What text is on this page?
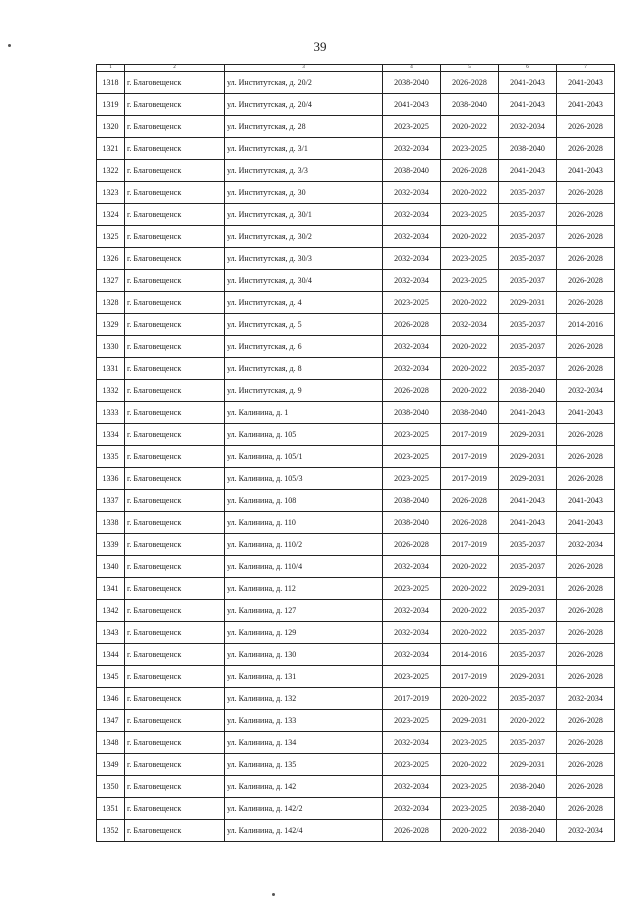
39
1	2	3	4	5	6	7
1318	г. Благовещенск	ул. Институтская, д. 20/2	2038-2040	2026-2028	2041-2043	2041-2043
1319	г. Благовещенск	ул. Институтская, д. 20/4	2041-2043	2038-2040	2041-2043	2041-2043
1320	г. Благовещенск	ул. Институтская, д. 28	2023-2025	2020-2022	2032-2034	2026-2028
1321	г. Благовещенск	ул. Институтская, д. 3/1	2032-2034	2023-2025	2038-2040	2026-2028
1322	г. Благовещенск	ул. Институтская, д. 3/3	2038-2040	2026-2028	2041-2043	2041-2043
1323	г. Благовещенск	ул. Институтская, д. 30	2032-2034	2020-2022	2035-2037	2026-2028
1324	г. Благовещенск	ул. Институтская, д. 30/1	2032-2034	2023-2025	2035-2037	2026-2028
1325	г. Благовещенск	ул. Институтская, д. 30/2	2032-2034	2020-2022	2035-2037	2026-2028
1326	г. Благовещенск	ул. Институтская, д. 30/3	2032-2034	2023-2025	2035-2037	2026-2028
1327	г. Благовещенск	ул. Институтская, д. 30/4	2032-2034	2023-2025	2035-2037	2026-2028
1328	г. Благовещенск	ул. Институтская, д. 4	2023-2025	2020-2022	2029-2031	2026-2028
1329	г. Благовещенск	ул. Институтская, д. 5	2026-2028	2032-2034	2035-2037	2014-2016
1330	г. Благовещенск	ул. Институтская, д. 6	2032-2034	2020-2022	2035-2037	2026-2028
1331	г. Благовещенск	ул. Институтская, д. 8	2032-2034	2020-2022	2035-2037	2026-2028
1332	г. Благовещенск	ул. Институтская, д. 9	2026-2028	2020-2022	2038-2040	2032-2034
1333	г. Благовещенск	ул. Калинина, д. 1	2038-2040	2038-2040	2041-2043	2041-2043
1334	г. Благовещенск	ул. Калинина, д. 105	2023-2025	2017-2019	2029-2031	2026-2028
1335	г. Благовещенск	ул. Калинина, д. 105/1	2023-2025	2017-2019	2029-2031	2026-2028
1336	г. Благовещенск	ул. Калинина, д. 105/3	2023-2025	2017-2019	2029-2031	2026-2028
1337	г. Благовещенск	ул. Калинина, д. 108	2038-2040	2026-2028	2041-2043	2041-2043
1338	г. Благовещенск	ул. Калинина, д. 110	2038-2040	2026-2028	2041-2043	2041-2043
1339	г. Благовещенск	ул. Калинина, д. 110/2	2026-2028	2017-2019	2035-2037	2032-2034
1340	г. Благовещенск	ул. Калинина, д. 110/4	2032-2034	2020-2022	2035-2037	2026-2028
1341	г. Благовещенск	ул. Калинина, д. 112	2023-2025	2020-2022	2029-2031	2026-2028
1342	г. Благовещенск	ул. Калинина, д. 127	2032-2034	2020-2022	2035-2037	2026-2028
1343	г. Благовещенск	ул. Калинина, д. 129	2032-2034	2020-2022	2035-2037	2026-2028
1344	г. Благовещенск	ул. Калинина, д. 130	2032-2034	2014-2016	2035-2037	2026-2028
1345	г. Благовещенск	ул. Калинина, д. 131	2023-2025	2017-2019	2029-2031	2026-2028
1346	г. Благовещенск	ул. Калинина, д. 132	2017-2019	2020-2022	2035-2037	2032-2034
1347	г. Благовещенск	ул. Калинина, д. 133	2023-2025	2029-2031	2020-2022	2026-2028
1348	г. Благовещенск	ул. Калинина, д. 134	2032-2034	2023-2025	2035-2037	2026-2028
1349	г. Благовещенск	ул. Калинина, д. 135	2023-2025	2020-2022	2029-2031	2026-2028
1350	г. Благовещенск	ул. Калинина, д. 142	2032-2034	2023-2025	2038-2040	2026-2028
1351	г. Благовещенск	ул. Калинина, д. 142/2	2032-2034	2023-2025	2038-2040	2026-2028
1352	г. Благовещенск	ул. Калинина, д. 142/4	2026-2028	2020-2022	2038-2040	2032-2034
